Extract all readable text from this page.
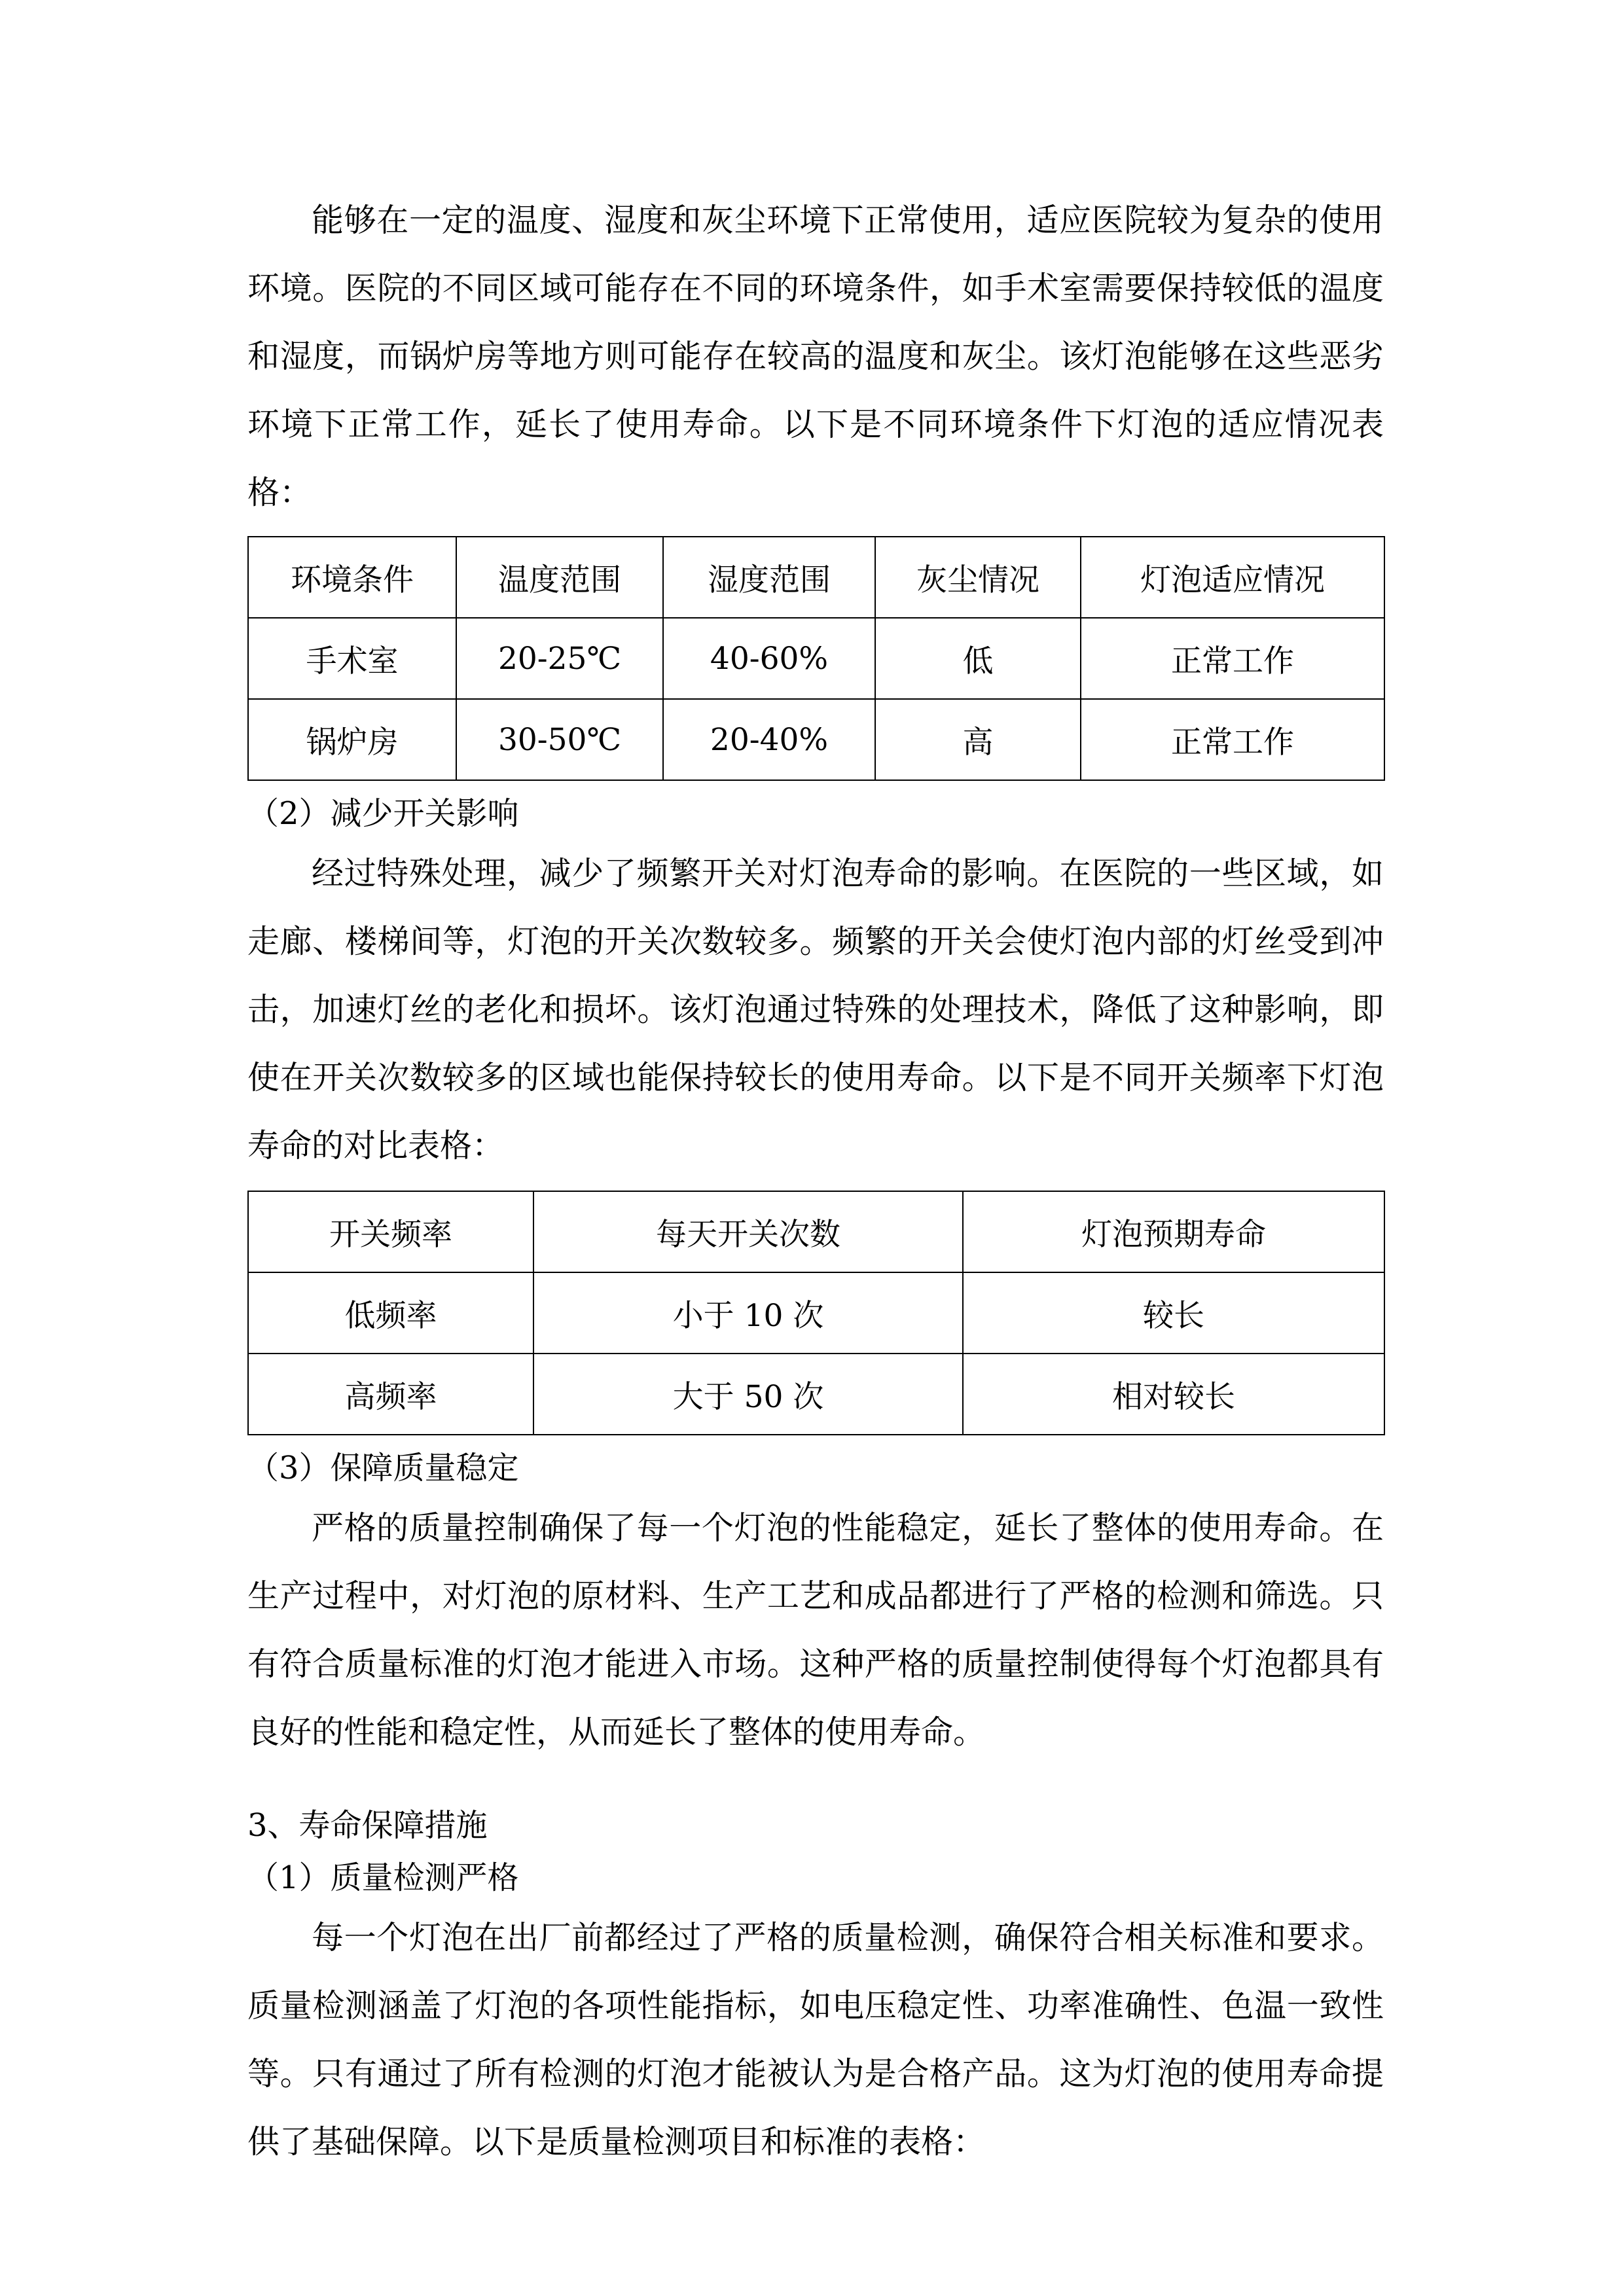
能够在一定的温度、湿度和灰尘环境下正常使用，适应医院较为复杂的使用环境。医院的不同区域可能存在不同的环境条件，如手术室需要保持较低的温度和湿度，而锅炉房等地方则可能存在较高的温度和灰尘。该灯泡能够在这些恶劣环境下正常工作，延长了使用寿命。以下是不同环境条件下灯泡的适应情况表格：

环境条件	温度范围	湿度范围	灰尘情况	灯泡适应情况
手术室	20-25℃	40-60%	低	正常工作
锅炉房	30-50℃	20-40%	高	正常工作

（2）减少开关影响

经过特殊处理，减少了频繁开关对灯泡寿命的影响。在医院的一些区域，如走廊、楼梯间等，灯泡的开关次数较多。频繁的开关会使灯泡内部的灯丝受到冲击，加速灯丝的老化和损坏。该灯泡通过特殊的处理技术，降低了这种影响，即使在开关次数较多的区域也能保持较长的使用寿命。以下是不同开关频率下灯泡寿命的对比表格：

开关频率	每天开关次数	灯泡预期寿命
低频率	小于 10 次	较长
高频率	大于 50 次	相对较长

（3）保障质量稳定

严格的质量控制确保了每一个灯泡的性能稳定，延长了整体的使用寿命。在生产过程中，对灯泡的原材料、生产工艺和成品都进行了严格的检测和筛选。只有符合质量标准的灯泡才能进入市场。这种严格的质量控制使得每个灯泡都具有良好的性能和稳定性，从而延长了整体的使用寿命。

3、寿命保障措施

（1）质量检测严格

每一个灯泡在出厂前都经过了严格的质量检测，确保符合相关标准和要求。质量检测涵盖了灯泡的各项性能指标，如电压稳定性、功率准确性、色温一致性等。只有通过了所有检测的灯泡才能被认为是合格产品。这为灯泡的使用寿命提供了基础保障。以下是质量检测项目和标准的表格：
